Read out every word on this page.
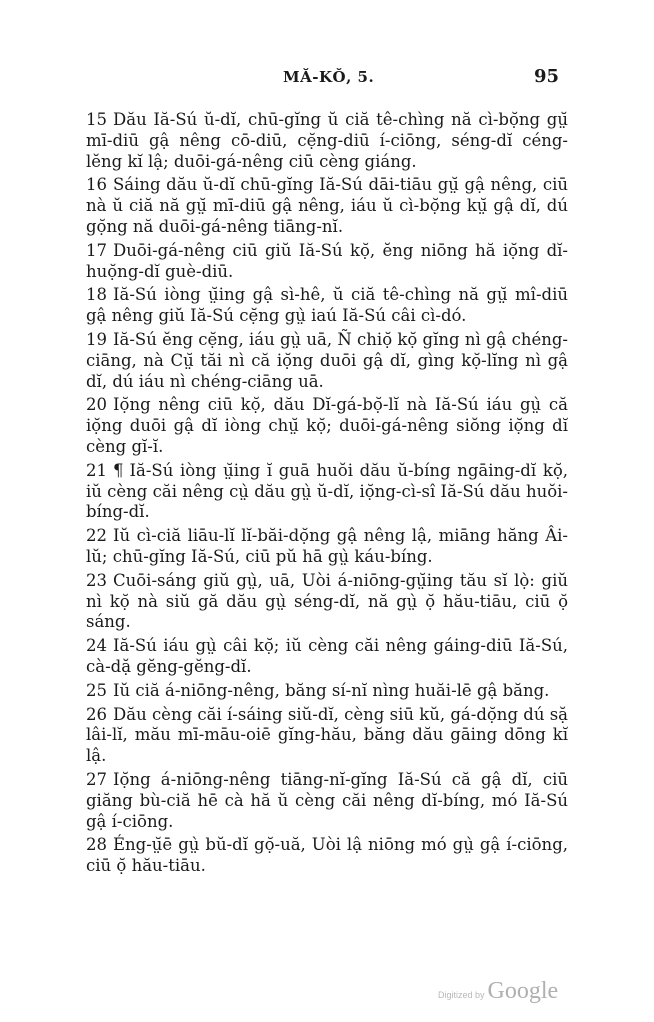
MĂ-KŎ, 5.	95

15 Dău Iă-Sú ŭ-dĭ, chū-gĭng ŭ ciă tê-chìng nă cì-bọ̆ng gṳ̆ mī-diū gậ nêng cō-diū, cẹ̆ng-diū í-ciōng, séng-dĭ céng-lĕng kĭ lậ; duōi-gá-nêng ciū cèng giáng.

16 Sáing dău ŭ-dĭ chū-gĭng Iă-Sú dāi-tiāu gṳ̆ gậ nêng, ciū nà ŭ ciă nă gṳ̆ mī-diū gậ nêng, iáu ŭ cì-bọ̆ng kṳ̆ gậ dĭ, dú gọ̆ng nă duōi-gá-nêng tiāng-nĭ.

17 Duōi-gá-nêng ciū giŭ Iă-Sú kọ̆, ĕng niōng hă iọ̆ng dĭ-huọ̆ng-dĭ guè-diū.

18 Iă-Sú iòng ṳ̆ing gậ sì-hê, ŭ ciă tê-chìng nă gṳ̆ mî-diū gậ nêng giŭ Iă-Sú cẹ̆ng gṳ̀ iaú Iă-Sú câi cì-dó.

19 Iă-Sú ĕng cẹ̆ng, iáu gṳ̀ uā, Ñ chiọ̆ kọ̆ gĭng nì gậ chéng-ciāng, nà Cṳ̆ tăi nì că iọ̆ng duōi gậ dĭ, gìng kọ̆-lĭng nì gậ dĭ, dú iáu nì chéng-ciāng uā.

20 Iọ̆ng nêng ciū kọ̆, dău Dĭ-gá-bọ̆-lĭ nà Iă-Sú iáu gṳ̀ că iọ̆ng duōi gậ dĭ iòng chṳ̆ kọ̆; duōi-gá-nêng siŏng iọ̆ng dĭ cèng gĭ-ĭ.

21 ¶ Iă-Sú iòng ṳ̆ing ĭ guā huŏi dău ŭ-bíng ngāing-dĭ kọ̆, iŭ cèng căi nêng cṳ̀ dău gṳ̀ ŭ-dĭ, iọ̆ng-cì-sî Iă-Sú dău huŏi-bíng-dĭ.

22 Iŭ cì-ciă liāu-lĭ lĭ-băi-dọ̆ng gậ nêng lậ, miāng hăng Âi-lŭ; chū-gĭng Iă-Sú, ciū pŭ hā gṳ̀ káu-bíng.

23 Cuōi-sáng giŭ gṳ̀, uā, Uòi á-niōng-gṳ̆ing tău sĭ lọ̀: giŭ nì kọ̆ nà siŭ gă dău gṳ̀ séng-dĭ, nă gṳ̀ ọ̆ hău-tiāu, ciū ọ̆ sáng.

24 Iă-Sú iáu gṳ̀ câi kọ̆; iŭ cèng căi nêng gáing-diū Iă-Sú, cà-dặ gĕng-gĕng-dĭ.

25 Iŭ ciă á-niōng-nêng, băng sí-nĭ nìng huăi-lē gậ băng.

26 Dău cèng căi í-sáing siŭ-dĭ, cèng siū kŭ, gá-dọ̆ng dú sặ lâi-lĭ, mău mī-māu-oiē gĭng-hău, băng dău gāing dōng kĭ lậ.

27 Iọ̆ng á-niōng-nêng tiāng-nĭ-gĭng Iă-Sú că gậ dĭ, ciū giăng bù-ciă hē cà hă ŭ cèng căi nêng dĭ-bíng, mó Iă-Sú gậ í-ciōng.

28 Éng-ṳ̆ē gṳ̀ bŭ-dĭ gọ̆-uă, Uòi lậ niōng mó gṳ̀ gậ í-ciōng, ciū ọ̆ hău-tiāu.

Digitized by Google
